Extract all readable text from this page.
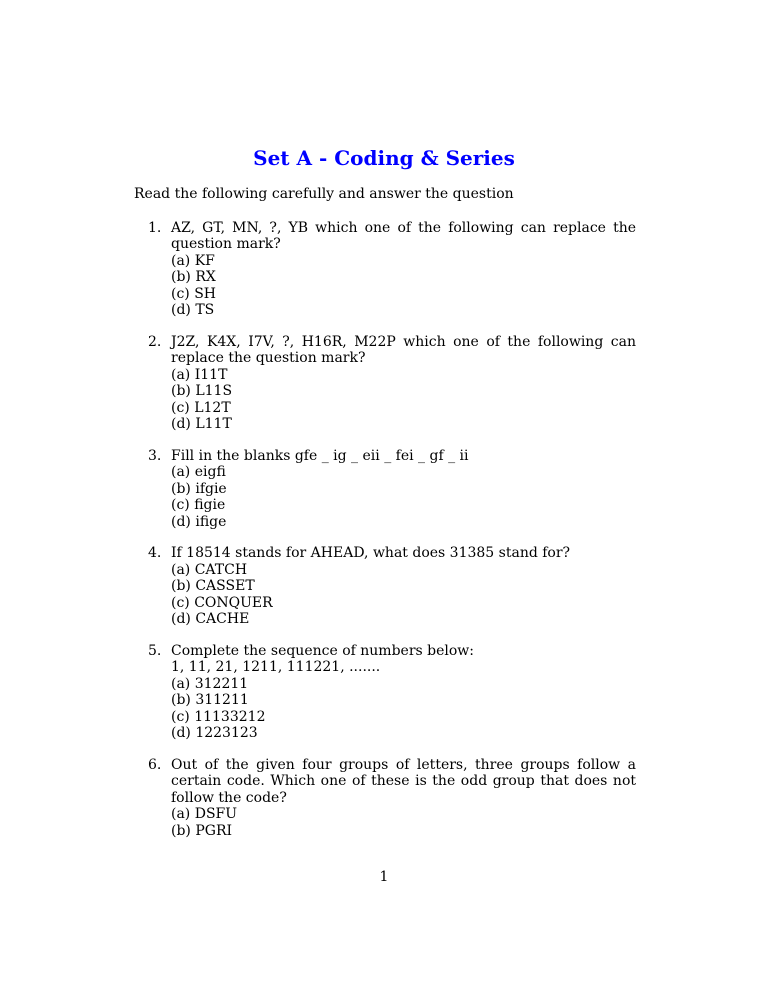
Set A - Coding & Series

Read the following carefully and answer the question

1. AZ, GT, MN, ?, YB which one of the following can replace the question mark?
(a) KF
(b) RX
(c) SH
(d) TS
2. J2Z, K4X, I7V, ?, H16R, M22P which one of the following can replace the question mark?
(a) I11T
(b) L11S
(c) L12T
(d) L11T
3. Fill in the blanks gfe _ ig _ eii _ fei _ gf _ ii
(a) eigfi
(b) ifgie
(c) figie
(d) ifige
4. If 18514 stands for AHEAD, what does 31385 stand for?
(a) CATCH
(b) CASSET
(c) CONQUER
(d) CACHE
5. Complete the sequence of numbers below:
1, 11, 21, 1211, 111221, .......
(a) 312211
(b) 311211
(c) 11133212
(d) 1223123
6. Out of the given four groups of letters, three groups follow a certain code. Which one of these is the odd group that does not follow the code?
(a) DSFU
(b) PGRI

1
